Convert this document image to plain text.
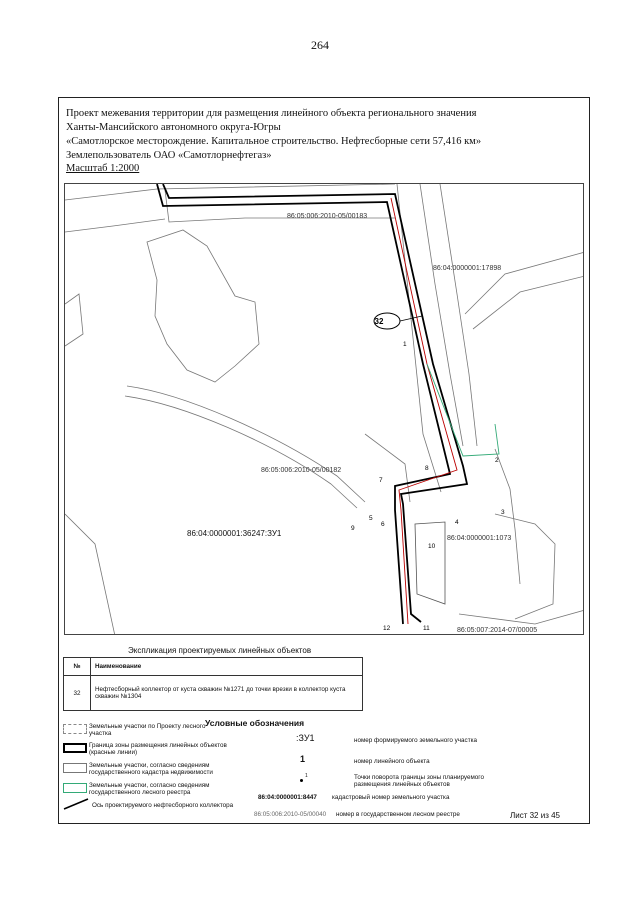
264
Проект межевания территории для размещения линейного объекта регионального значения
Ханты-Мансийского автономного округа-Югры
«Самотлорское месторождение. Капитальное строительство. Нефтесборные сети 57,416 км»
Землепользователь ОАО «Самотлорнефтегаз»
Масштаб 1:2000
86:05:006:2010-05/00183
86:04:0000001:17898
86:05:006:2010-05/00182
86:04:0000001:36247:ЗУ1
86:04:0000001:1073
86:05:007:2014-07/00005
32
1
2
3
4
5
6
7
8
9
10
11
12
Экспликация проектируемых линейных объектов
№	Наименование
32	Нефтесборный коллектор от куста скважин №1271 до точки врезки в коллектор куста скважин №1304
Условные обозначения
Земельные участки по Проекту лесного участка
Граница зоны размещения линейных объектов (красные линии)
Земельные участки, согласно сведениям государственного кадастра недвижимости
Земельные участки, согласно сведениям государственного лесного реестра
Ось проектируемого нефтесборного коллектора
:ЗУ1	номер формируемого земельного участка
1	номер линейного объекта
1	Точки поворота границы зоны планируемого размещения линейных объектов
86:04:0000001:8447 кадастровый номер земельного участка
86:05:006:2010-05/00040 номер в государственном лесном реестре	Лист 32 из 45
